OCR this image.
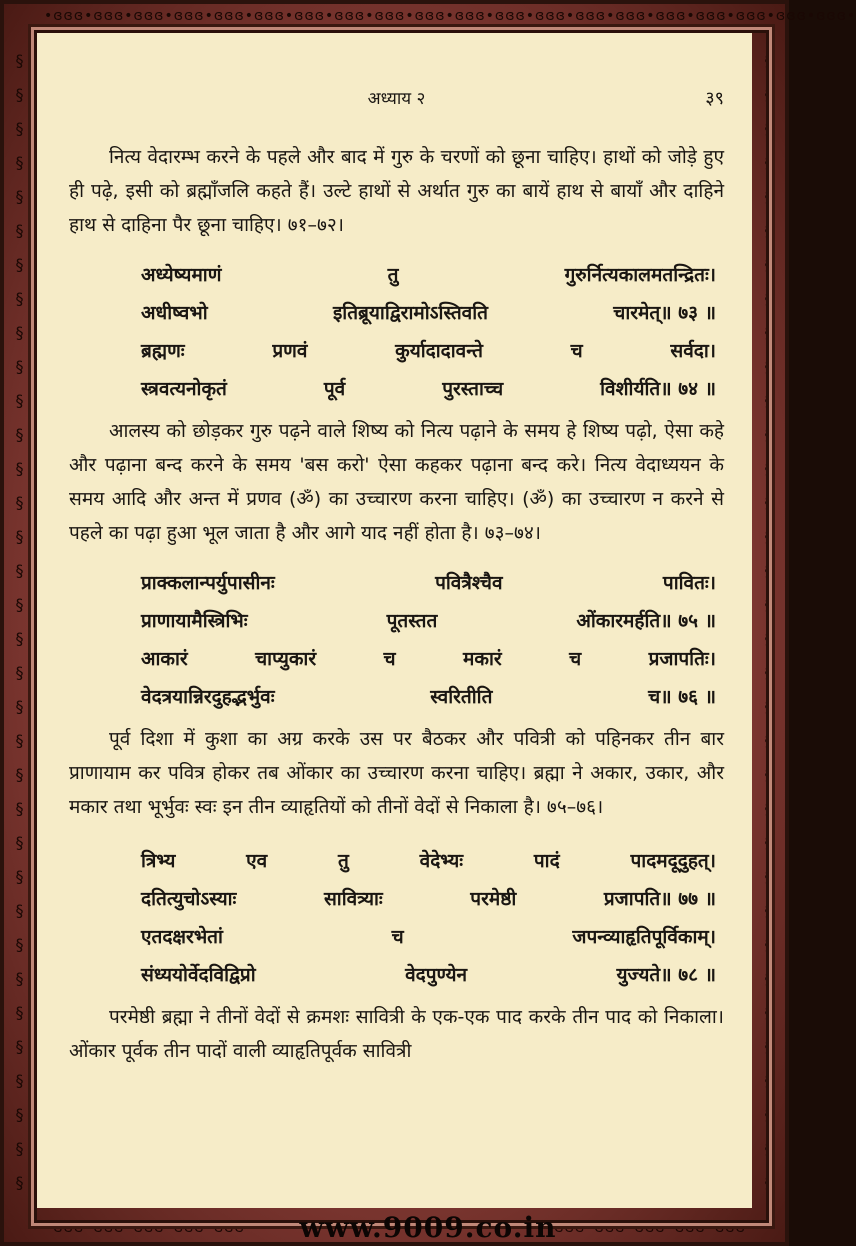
•ɞɞɞ•ɞɞɞ•ɞɞɞ•ɞɞɞ•ɞɞɞ•ɞɞɞ•ɞɞɞ•ɞɞɞ•ɞɞɞ•ɞɞɞ•ɞɞɞ•ɞɞɞ•ɞɞɞ•ɞɞɞ•ɞɞɞ•ɞɞɞ•ɞɞɞ•ɞɞɞ•ɞɞɞ•ɞɞɞ•
§ § § § § § § § § § § § § § § § § § § § § § § § § § § § § § § § § §
§ § § § § § § § § § § § § § § § § § § § § § § § § § § § § § § § § §
•ɞɞɞ•ɞɞɞ•ɞɞɞ•ɞɞɞ•ɞɞɞ•	•ɞɞɞ•ɞɞɞ•ɞɞɞ•ɞɞɞ•ɞɞɞ•
अध्याय २	३९

नित्य वेदारम्भ करने के पहले और बाद में गुरु के चरणों को छूना चाहिए। हाथों को जोड़े हुए ही पढ़े, इसी को ब्रह्माँजलि कहते हैं। उल्टे हाथों से अर्थात गुरु का बायें हाथ से बायाँ और दाहिने हाथ से दाहिना पैर छूना चाहिए। ७१–७२।

अध्येष्यमाणं	तु	गुरुर्नित्यकालमतन्द्रितः।
अधीष्वभो	इतिब्रूयाद्विरामोऽस्तिवति	चारमेत्॥ ७३ ॥
ब्रह्मणः	प्रणवं	कुर्यादादावन्ते	च	सर्वदा।
स्त्रवत्यनोकृतं	पूर्व	पुरस्ताच्च	विशीर्यति॥ ७४ ॥

आलस्य को छोड़कर गुरु पढ़ने वाले शिष्य को नित्य पढ़ाने के समय हे शिष्य पढ़ो, ऐसा कहे और पढ़ाना बन्द करने के समय 'बस करो' ऐसा कहकर पढ़ाना बन्द करे। नित्य वेदाध्ययन के समय आदि और अन्त में प्रणव (ॐ) का उच्चारण करना चाहिए। (ॐ) का उच्चारण न करने से पहले का पढ़ा हुआ भूल जाता है और आगे याद नहीं होता है। ७३–७४।

प्राक्कलान्पर्युपासीनः	पवित्रैश्चैव	पावितः।
प्राणायामैस्त्रिभिः	पूतस्तत	ओंकारमर्हति॥ ७५ ॥
आकारं	चाप्युकारं	च	मकारं	च	प्रजापतिः।
वेदत्रयान्निरदुहद्भर्भुवः	स्वरितीति	च॥ ७६ ॥

पूर्व दिशा में कुशा का अग्र करके उस पर बैठकर और पवित्री को पहिनकर तीन बार प्राणायाम कर पवित्र होकर तब ओंकार का उच्चारण करना चाहिए। ब्रह्मा ने अकार, उकार, और मकार तथा भूर्भुवः स्वः इन तीन व्याहृतियों को तीनों वेदों से निकाला है। ७५–७६।

त्रिभ्य	एव	तु	वेदेभ्यः	पादं	पादमदूदुहत्।
दतित्युचोऽस्याः	सावित्र्याः	परमेष्ठी	प्रजापति॥ ७७ ॥
एतदक्षरभेतां	च	जपन्व्याहृतिपूर्विकाम्।
संध्ययोर्वेदविद्विप्रो	वेदपुण्येन	युज्यते॥ ७८ ॥

परमेष्ठी ब्रह्मा ने तीनों वेदों से क्रमशः सावित्री के एक-एक पाद करके तीन पाद को निकाला। ओंकार पूर्वक तीन पादों वाली व्याहृतिपूर्वक सावित्री

www.9009.co.in
